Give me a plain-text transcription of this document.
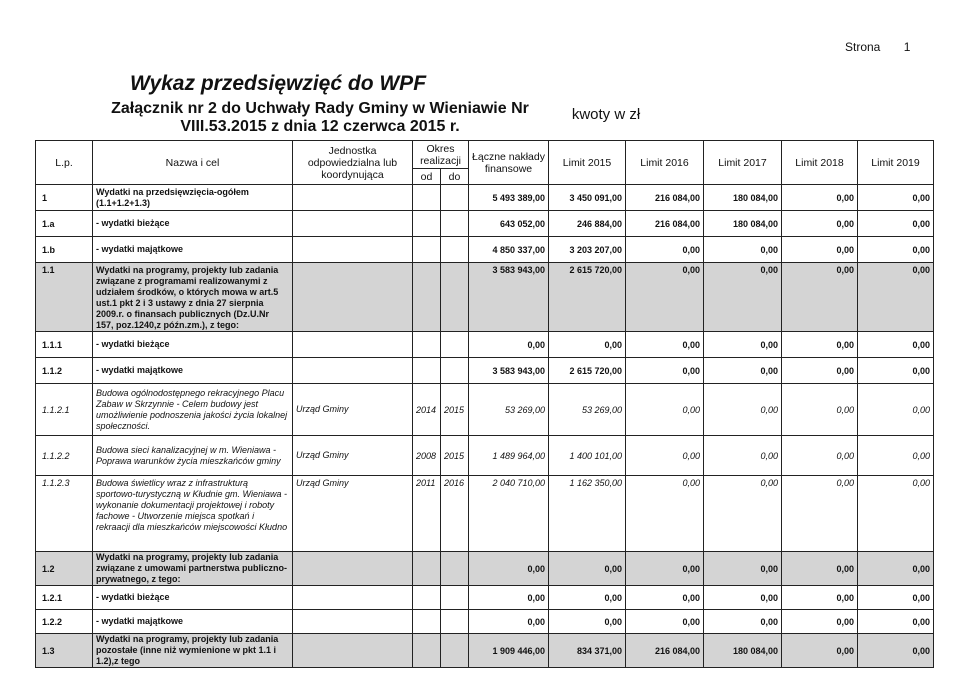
Strona 1
Wykaz przedsięwzięć do WPF
Załącznik nr 2 do Uchwały Rady Gminy w Wieniawie Nr VIII.53.2015 z dnia 12 czerwca 2015 r.
kwoty w zł
L.p.	Nazwa i cel	Jednostka odpowiedzialna lub koordynująca	Okres realizacji		Łączne nakłady finansowe	Limit 2015	Limit 2016	Limit 2017	Limit 2018	Limit 2019
			od	do						
1	Wydatki na przedsięwzięcia-ogółem (1.1+1.2+1.3)				5 493 389,00	3 450 091,00	216 084,00	180 084,00	0,00	0,00
1.a	- wydatki bieżące				643 052,00	246 884,00	216 084,00	180 084,00	0,00	0,00
1.b	- wydatki majątkowe				4 850 337,00	3 203 207,00	0,00	0,00	0,00	0,00
1.1	Wydatki na programy, projekty lub zadania związane z programami realizowanymi z udziałem środków, o których mowa w art.5 ust.1 pkt 2 i 3 ustawy z dnia 27 sierpnia 2009.r. o finansach publicznych (Dz.U.Nr 157, poz.1240,z późn.zm.), z tego:				3 583 943,00	2 615 720,00	0,00	0,00	0,00	0,00
1.1.1	- wydatki bieżące				0,00	0,00	0,00	0,00	0,00	0,00
1.1.2	- wydatki majątkowe				3 583 943,00	2 615 720,00	0,00	0,00	0,00	0,00
1.1.2.1	Budowa ogólnodostępnego rekracyjnego Placu Zabaw w Skrzynnie - Celem budowy jest umożliwienie podnoszenia jakości życia lokalnej społeczności.	Urząd Gminy	2014	2015	53 269,00	53 269,00	0,00	0,00	0,00	0,00
1.1.2.2	Budowa sieci kanalizacyjnej w m. Wieniawa - Poprawa warunków życia mieszkańców gminy	Urząd Gminy	2008	2015	1 489 964,00	1 400 101,00	0,00	0,00	0,00	0,00
1.1.2.3	Budowa świetlicy wraz z infrastrukturą sportowo-turystyczną w Kłudnie gm. Wieniawa - wykonanie dokumentacji projektowej i roboty fachowe - Utworzenie miejsca spotkań i rekraacji dla mieszkańców miejscowości Kłudno	Urząd Gminy	2011	2016	2 040 710,00	1 162 350,00	0,00	0,00	0,00	0,00
1.2	Wydatki na programy, projekty lub zadania związane z umowami partnerstwa publiczno-prywatnego, z tego:				0,00	0,00	0,00	0,00	0,00	0,00
1.2.1	- wydatki bieżące				0,00	0,00	0,00	0,00	0,00	0,00
1.2.2	- wydatki majątkowe				0,00	0,00	0,00	0,00	0,00	0,00
1.3	Wydatki na programy, projekty lub zadania pozostałe (inne niż wymienione w pkt 1.1 i 1.2),z tego				1 909 446,00	834 371,00	216 084,00	180 084,00	0,00	0,00
